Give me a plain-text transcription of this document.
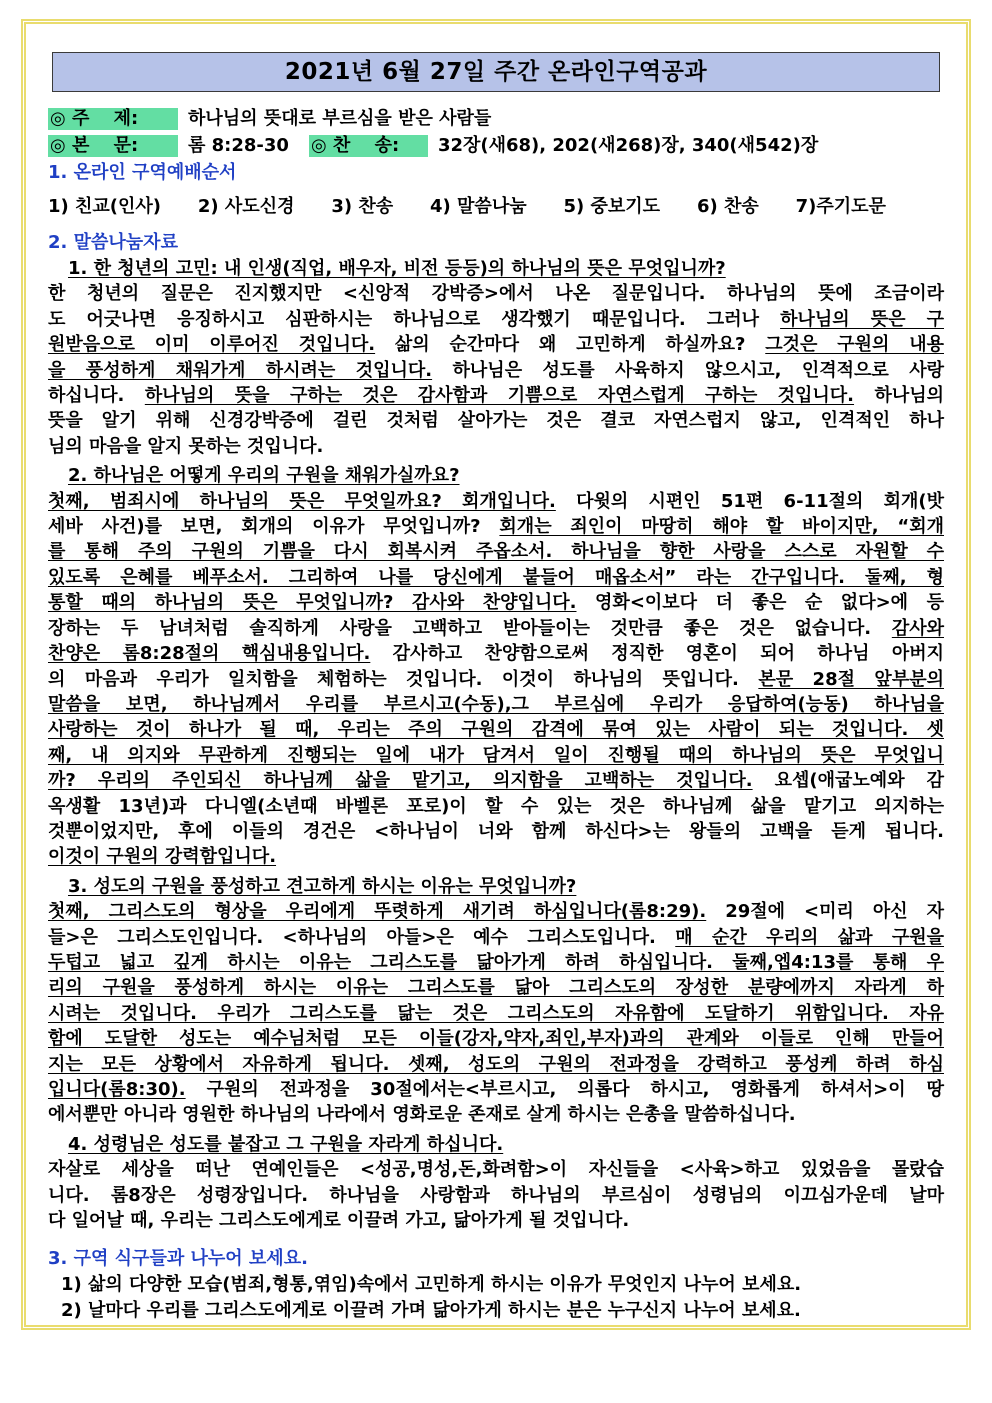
2021년 6월 27일 주간 온라인구역공과
◎ 주　 제:	하나님의 뜻대로 부르심을 받은 사람들
◎ 본　 문:	롬 8:28-30 ◎ 찬　 송: 32장(새68), 202(새268)장, 340(새542)장
1. 온라인 구역예배순서
1) 친교(인사) 2) 사도신경 3) 찬송 4) 말씀나눔 5) 중보기도 6) 찬송 7)주기도문
2. 말씀나눔자료
1. 한 청년의 고민: 내 인생(직업, 배우자, 비전 등등)의 하나님의 뜻은 무엇입니까?
한 청년의 질문은 진지했지만 <신앙적 강박증>에서 나온 질문입니다. 하나님의 뜻에 조금이라
도 어긋나면 응징하시고 심판하시는 하나님으로 생각했기 때문입니다. 그러나 하나님의 뜻은 구
원받음으로 이미 이루어진 것입니다. 삶의 순간마다 왜 고민하게 하실까요? 그것은 구원의 내용
을 풍성하게 채워가게 하시려는 것입니다. 하나님은 성도를 사육하지 않으시고, 인격적으로 사랑
하십니다. 하나님의 뜻을 구하는 것은 감사함과 기쁨으로 자연스럽게 구하는 것입니다. 하나님의
뜻을 알기 위해 신경강박증에 걸린 것처럼 살아가는 것은 결코 자연스럽지 않고, 인격적인 하나
님의 마음을 알지 못하는 것입니다.
2. 하나님은 어떻게 우리의 구원을 채워가실까요?
첫째, 범죄시에 하나님의 뜻은 무엇일까요? 회개입니다. 다윗의 시편인 51편 6-11절의 회개(밧
세바 사건)를 보면, 회개의 이유가 무엇입니까? 회개는 죄인이 마땅히 해야 할 바이지만, “회개
를 통해 주의 구원의 기쁨을 다시 회복시켜 주옵소서. 하나님을 향한 사랑을 스스로 자원할 수
있도록 은혜를 베푸소서. 그리하여 나를 당신에게 붙들어 매옵소서” 라는 간구입니다. 둘째, 형
통할 때의 하나님의 뜻은 무엇입니까? 감사와 찬양입니다. 영화<이보다 더 좋은 순 없다>에 등
장하는 두 남녀처럼 솔직하게 사랑을 고백하고 받아들이는 것만큼 좋은 것은 없습니다. 감사와
찬양은 롬8:28절의 핵심내용입니다. 감사하고 찬양함으로써 정직한 영혼이 되어 하나님 아버지
의 마음과 우리가 일치함을 체험하는 것입니다. 이것이 하나님의 뜻입니다. 본문 28절 앞부분의
말씀을 보면, 하나님께서 우리를 부르시고(수동),그 부르심에 우리가 응답하여(능동) 하나님을
사랑하는 것이 하나가 될 때, 우리는 주의 구원의 감격에 묶여 있는 사람이 되는 것입니다. 셋
째, 내 의지와 무관하게 진행되는 일에 내가 담겨서 일이 진행될 때의 하나님의 뜻은 무엇입니
까? 우리의 주인되신 하나님께 삶을 맡기고, 의지함을 고백하는 것입니다. 요셉(애굽노예와 감
옥생활 13년)과 다니엘(소년때 바벨론 포로)이 할 수 있는 것은 하나님께 삶을 맡기고 의지하는
것뿐이었지만, 후에 이들의 경건은 <하나님이 너와 함께 하신다>는 왕들의 고백을 듣게 됩니다.
이것이 구원의 강력함입니다.
3. 성도의 구원을 풍성하고 견고하게 하시는 이유는 무엇입니까?
첫째, 그리스도의 형상을 우리에게 뚜렷하게 새기려 하심입니다(롬8:29). 29절에 <미리 아신 자
들>은 그리스도인입니다. <하나님의 아들>은 예수 그리스도입니다. 매 순간 우리의 삶과 구원을
두텁고 넓고 깊게 하시는 이유는 그리스도를 닮아가게 하려 하심입니다. 둘째,엡4:13를 통해 우
리의 구원을 풍성하게 하시는 이유는 그리스도를 닮아 그리스도의 장성한 분량에까지 자라게 하
시려는 것입니다. 우리가 그리스도를 닮는 것은 그리스도의 자유함에 도달하기 위함입니다. 자유
함에 도달한 성도는 예수님처럼 모든 이들(강자,약자,죄인,부자)과의 관계와 이들로 인해 만들어
지는 모든 상황에서 자유하게 됩니다. 셋째, 성도의 구원의 전과정을 강력하고 풍성케 하려 하심
입니다(롬8:30). 구원의 전과정을 30절에서는<부르시고, 의롭다 하시고, 영화롭게 하셔서>이 땅
에서뿐만 아니라 영원한 하나님의 나라에서 영화로운 존재로 살게 하시는 은총을 말씀하십니다.
4. 성령님은 성도를 붙잡고 그 구원을 자라게 하십니다.
자살로 세상을 떠난 연예인들은 <성공,명성,돈,화려함>이 자신들을 <사육>하고 있었음을 몰랐습
니다. 롬8장은 성령장입니다. 하나님을 사랑함과 하나님의 부르심이 성령님의 이끄심가운데 날마
다 일어날 때, 우리는 그리스도에게로 이끌려 가고, 닮아가게 될 것입니다.
3. 구역 식구들과 나누어 보세요.
1) 삶의 다양한 모습(범죄,형통,엮임)속에서 고민하게 하시는 이유가 무엇인지 나누어 보세요.
2) 날마다 우리를 그리스도에게로 이끌려 가며 닮아가게 하시는 분은 누구신지 나누어 보세요.
